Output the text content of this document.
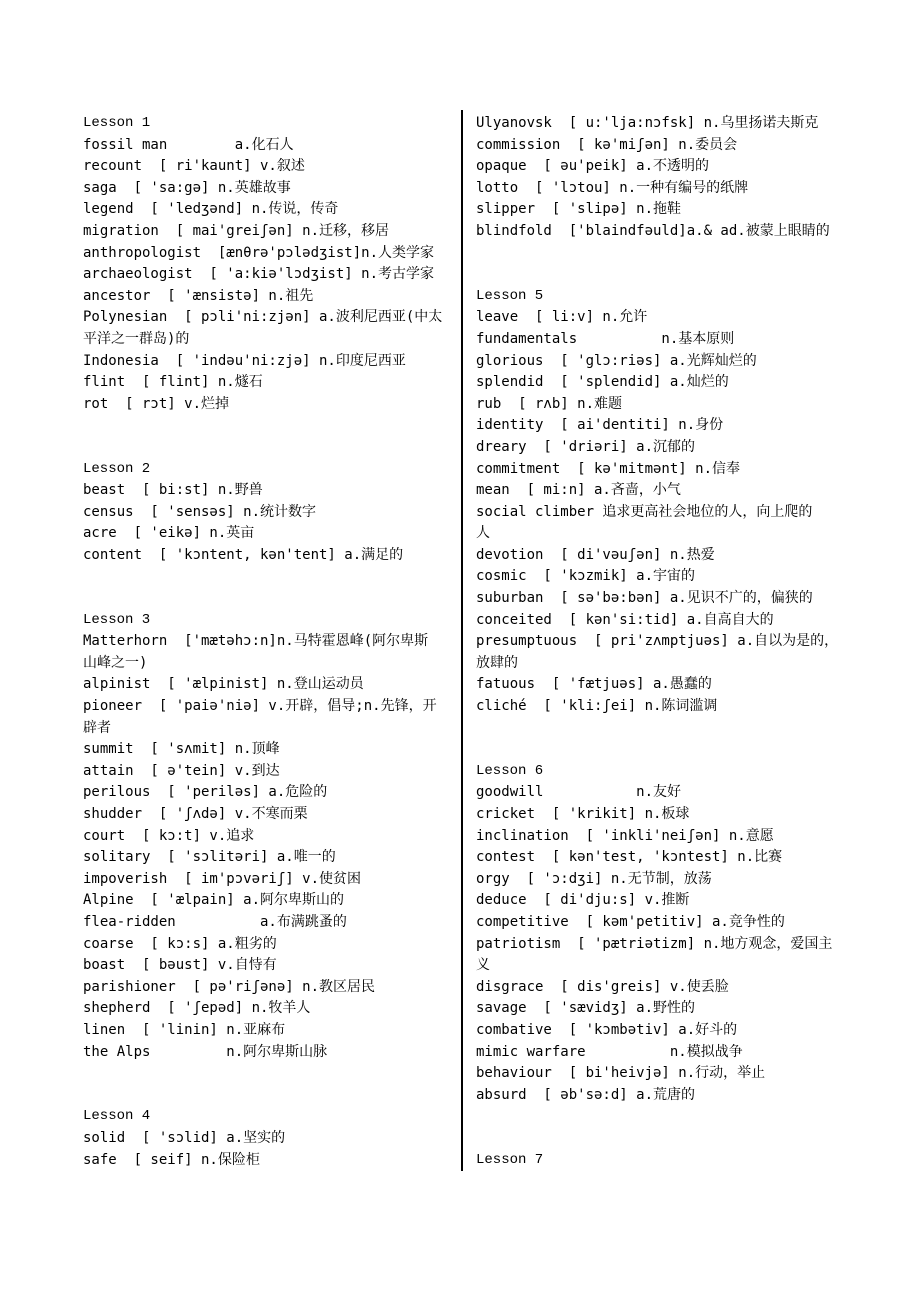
Lesson 1
fossil man        a.化石人
recount  [ ri'kaunt] v.叙述
saga  [ 'sa:gə] n.英雄故事
legend  [ 'ledʒənd] n.传说，传奇
migration  [ mai'greiʃən] n.迁移，移居
anthropologist  [ænθrə'pɔlədʒist]n.人类学家
archaeologist  [ 'a:kiə'lɔdʒist] n.考古学家
ancestor  [ 'ænsistə] n.祖先
Polynesian  [ pɔli'ni:zjən] a.波利尼西亚(中太
平洋之一群岛)的
Indonesia  [ 'indəu'ni:zjə] n.印度尼西亚
flint  [ flint] n.燧石
rot  [ rɔt] v.烂掉
Lesson 2
beast  [ bi:st] n.野兽
census  [ 'sensəs] n.统计数字
acre  [ 'eikə] n.英亩
content  [ 'kɔntent, kən'tent] a.满足的
Lesson 3
Matterhorn  ['mætəhɔ:n]n.马特霍恩峰(阿尔卑斯
山峰之一)
alpinist  [ 'ælpinist] n.登山运动员
pioneer  [ 'paiə'niə] v.开辟，倡导;n.先锋，开
辟者
summit  [ 'sʌmit] n.顶峰
attain  [ ə'tein] v.到达
perilous  [ 'periləs] a.危险的
shudder  [ 'ʃʌdə] v.不寒而栗
court  [ kɔ:t] v.追求
solitary  [ 'sɔlitəri] a.唯一的
impoverish  [ im'pɔvəriʃ] v.使贫困
Alpine  [ 'ælpain] a.阿尔卑斯山的
flea-ridden          a.布满跳蚤的
coarse  [ kɔ:s] a.粗劣的
boast  [ bəust] v.自恃有
parishioner  [ pə'riʃənə] n.教区居民
shepherd  [ 'ʃepəd] n.牧羊人
linen  [ 'linin] n.亚麻布
the Alps         n.阿尔卑斯山脉
Lesson 4
solid  [ 'sɔlid] a.坚实的
safe  [ seif] n.保险柜
Ulyanovsk  [ u:'lja:nɔfsk] n.乌里扬诺夫斯克
commission  [ kə'miʃən] n.委员会
opaque  [ əu'peik] a.不透明的
lotto  [ 'lɔtou] n.一种有编号的纸牌
slipper  [ 'slipə] n.拖鞋
blindfold  ['blaindfəuld]a.& ad.被蒙上眼睛的
Lesson 5
leave  [ li:v] n.允许
fundamentals          n.基本原则
glorious  [ 'glɔ:riəs] a.光辉灿烂的
splendid  [ 'splendid] a.灿烂的
rub  [ rʌb] n.难题
identity  [ ai'dentiti] n.身份
dreary  [ 'driəri] a.沉郁的
commitment  [ kə'mitmənt] n.信奉
mean  [ mi:n] a.吝啬，小气
social climber 追求更高社会地位的人，向上爬的
人
devotion  [ di'vəuʃən] n.热爱
cosmic  [ 'kɔzmik] a.宇宙的
suburban  [ sə'bə:bən] a.见识不广的，偏狭的
conceited  [ kən'si:tid] a.自高自大的
presumptuous  [ pri'zʌmptjuəs] a.自以为是的，
放肆的
fatuous  [ 'fætjuəs] a.愚蠢的
cliché  [ 'kli:ʃei] n.陈词滥调
Lesson 6
goodwill           n.友好
cricket  [ 'krikit] n.板球
inclination  [ 'inkli'neiʃən] n.意愿
contest  [ kən'test, 'kɔntest] n.比赛
orgy  [ 'ɔ:dʒi] n.无节制，放荡
deduce  [ di'dju:s] v.推断
competitive  [ kəm'petitiv] a.竞争性的
patriotism  [ 'pætriətizm] n.地方观念，爱国主
义
disgrace  [ dis'greis] v.使丢脸
savage  [ 'sævidʒ] a.野性的
combative  [ 'kɔmbətiv] a.好斗的
mimic warfare          n.模拟战争
behaviour  [ bi'heivjə] n.行动，举止
absurd  [ əb'sə:d] a.荒唐的
Lesson 7
